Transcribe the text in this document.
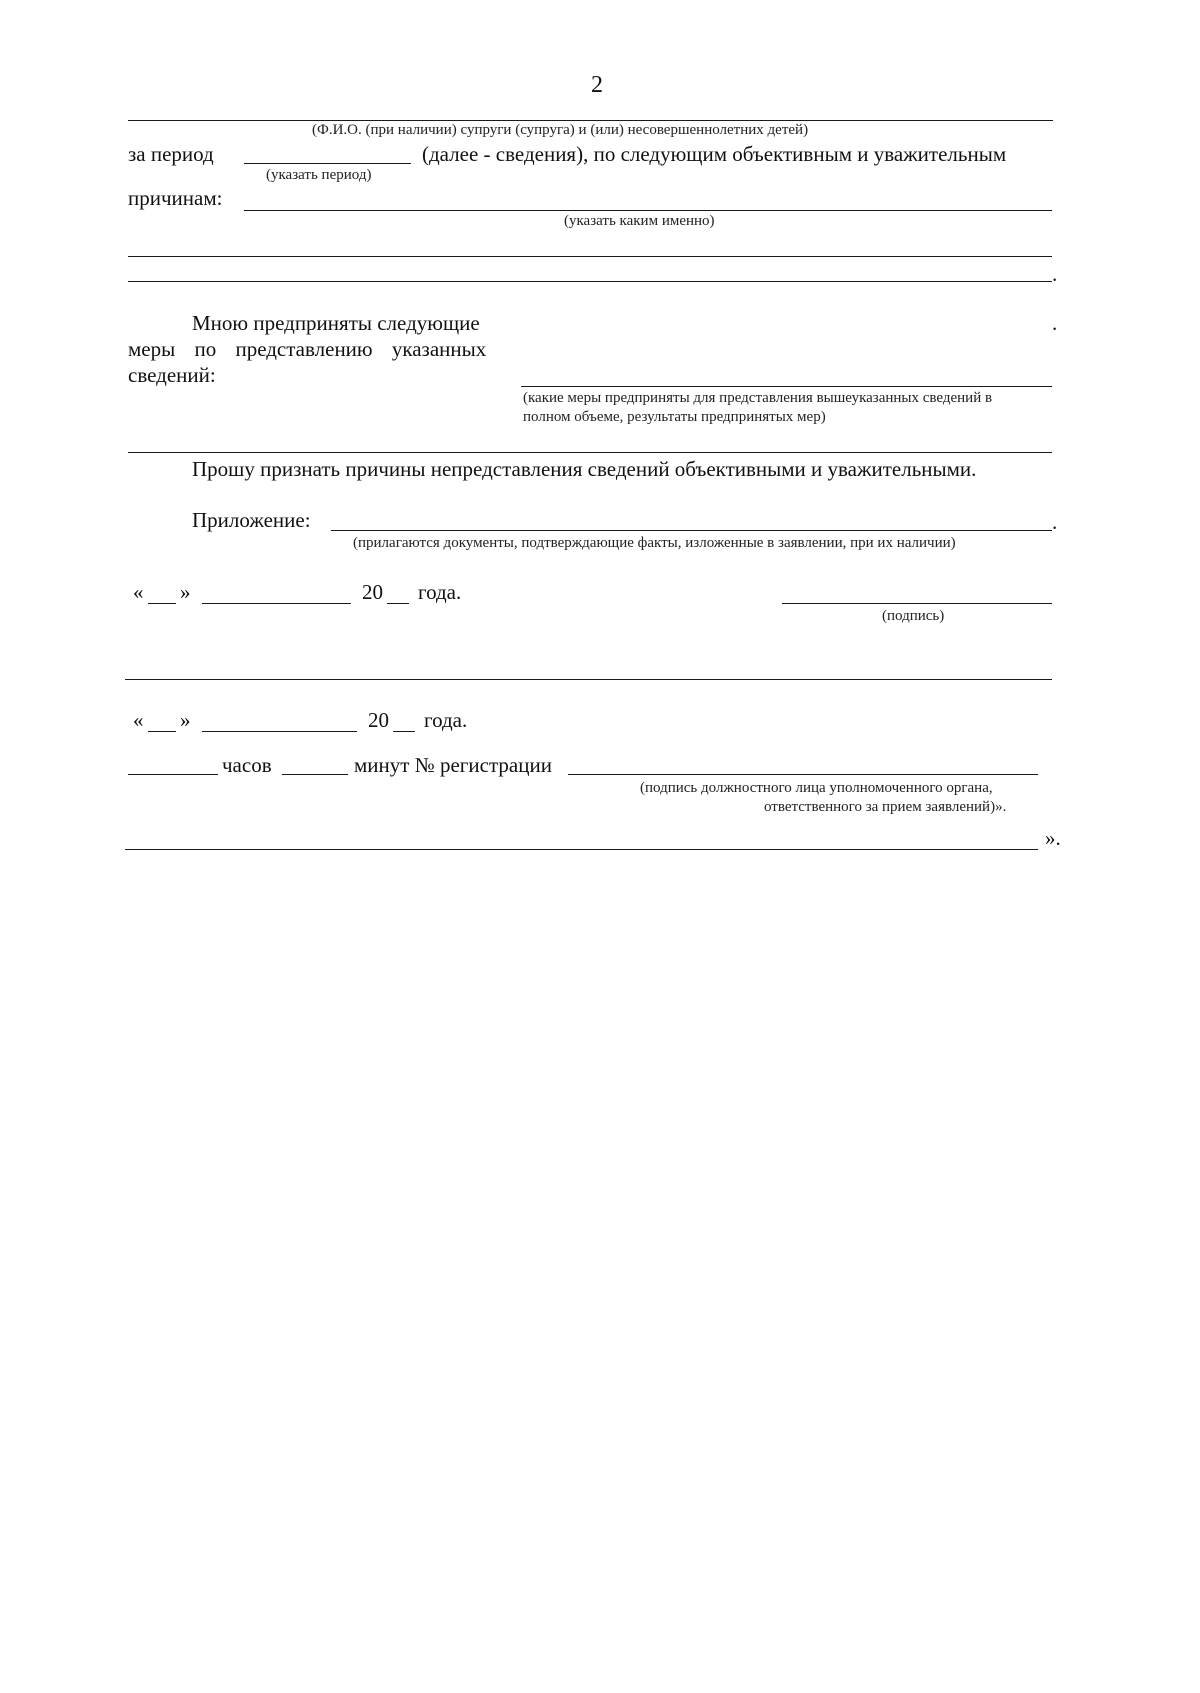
2
(Ф.И.О. (при наличии) супруги (супруга) и (или) несовершеннолетних детей)
за период	(далее - сведения), по следующим объективным и уважительным
(указать период)
причинам:
(указать каким именно)
.
Мною предприняты следующие	.
меры по представлению указанных
сведений:
(какие меры предприняты для представления вышеуказанных сведений в
полном объеме, результаты предпринятых мер)
Прошу признать причины непредставления сведений объективными и уважительными.
Приложение:	.
(прилагаются документы, подтверждающие факты, изложенные в заявлении, при их наличии)
« »	20 года.
(подпись)
« »	20 года.
часов	минут № регистрации
(подпись должностного лица уполномоченного органа,
ответственного за прием заявлений)».
».
